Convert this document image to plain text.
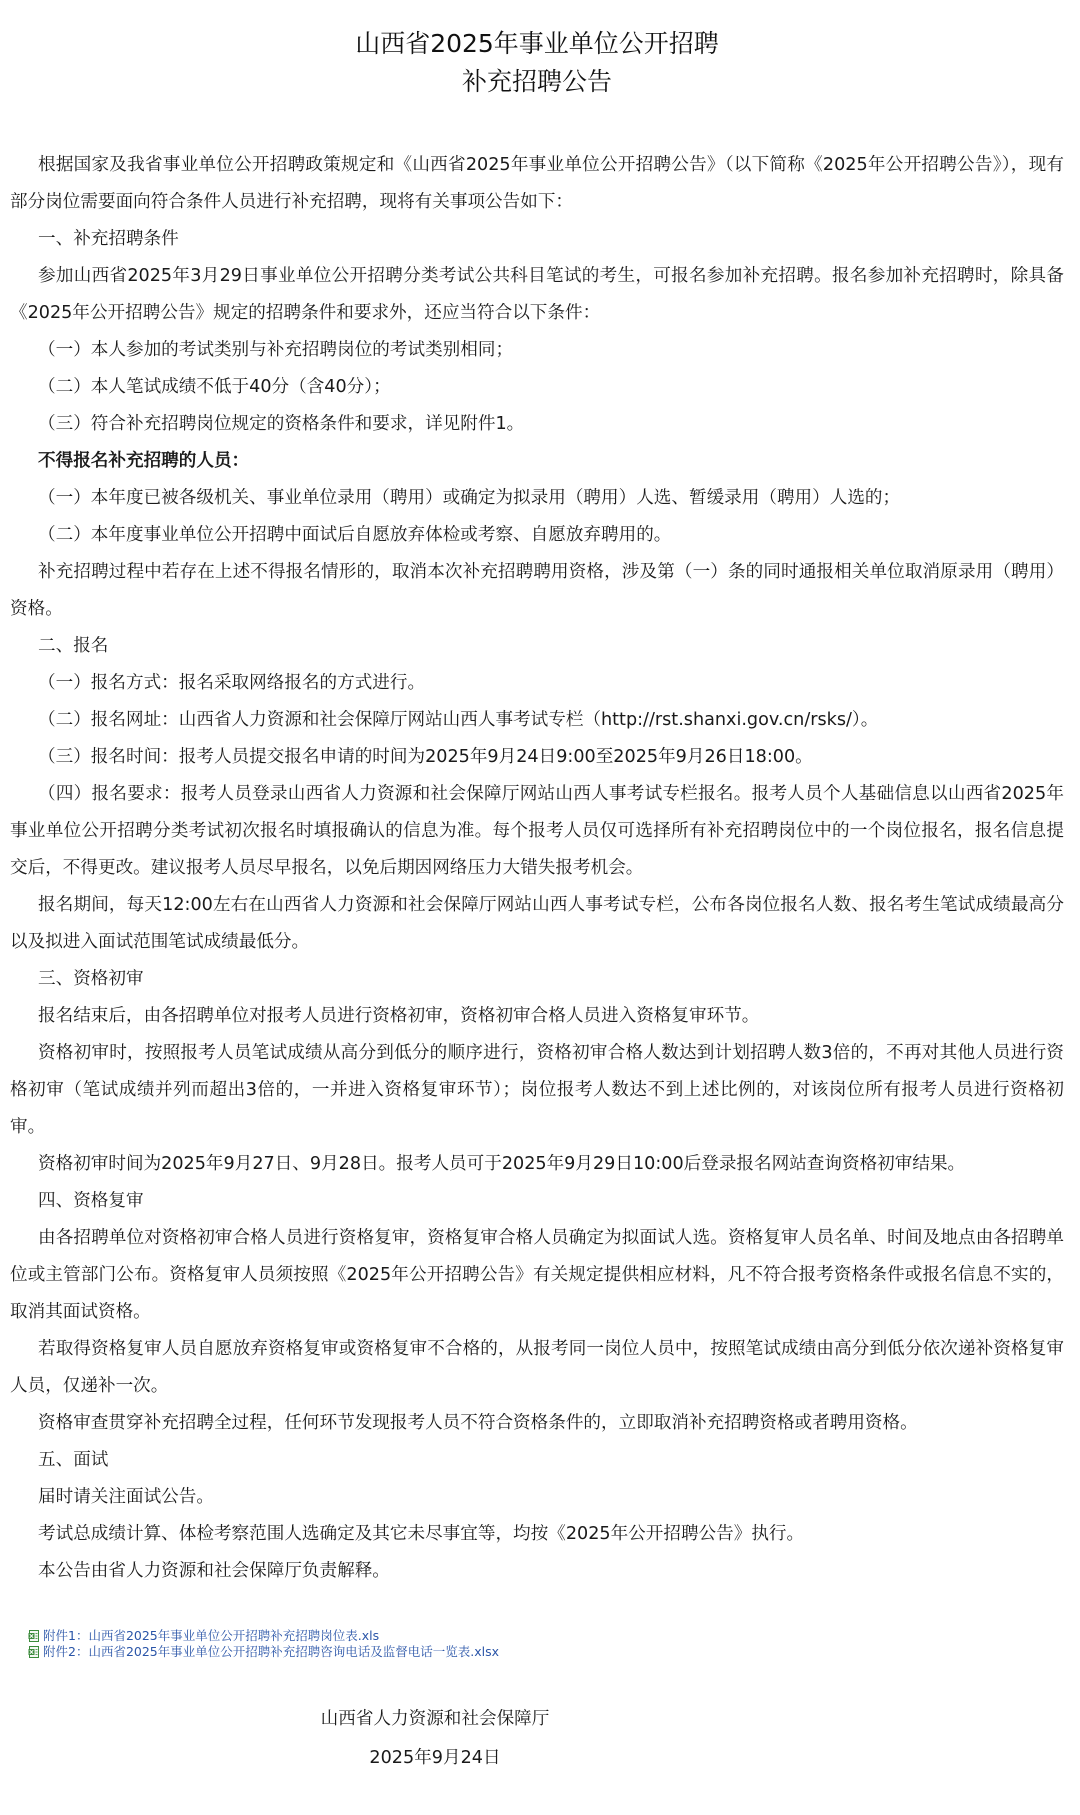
山西省2025年事业单位公开招聘
补充招聘公告

根据国家及我省事业单位公开招聘政策规定和《山西省2025年事业单位公开招聘公告》（以下简称《2025年公开招聘公告》），现有部分岗位需要面向符合条件人员进行补充招聘，现将有关事项公告如下：

一、补充招聘条件

参加山西省2025年3月29日事业单位公开招聘分类考试公共科目笔试的考生，可报名参加补充招聘。报名参加补充招聘时，除具备《2025年公开招聘公告》规定的招聘条件和要求外，还应当符合以下条件：

（一）本人参加的考试类别与补充招聘岗位的考试类别相同；

（二）本人笔试成绩不低于40分（含40分）；

（三）符合补充招聘岗位规定的资格条件和要求，详见附件1。

不得报名补充招聘的人员：

（一）本年度已被各级机关、事业单位录用（聘用）或确定为拟录用（聘用）人选、暂缓录用（聘用）人选的；

（二）本年度事业单位公开招聘中面试后自愿放弃体检或考察、自愿放弃聘用的。

补充招聘过程中若存在上述不得报名情形的，取消本次补充招聘聘用资格，涉及第（一）条的同时通报相关单位取消原录用（聘用）资格。

二、报名

（一）报名方式：报名采取网络报名的方式进行。

（二）报名网址：山西省人力资源和社会保障厅网站山西人事考试专栏（http://rst.shanxi.gov.cn/rsks/）。

（三）报名时间：报考人员提交报名申请的时间为2025年9月24日9:00至2025年9月26日18:00。

（四）报名要求：报考人员登录山西省人力资源和社会保障厅网站山西人事考试专栏报名。报考人员个人基础信息以山西省2025年事业单位公开招聘分类考试初次报名时填报确认的信息为准。每个报考人员仅可选择所有补充招聘岗位中的一个岗位报名，报名信息提交后，不得更改。建议报考人员尽早报名，以免后期因网络压力大错失报考机会。

报名期间，每天12:00左右在山西省人力资源和社会保障厅网站山西人事考试专栏，公布各岗位报名人数、报名考生笔试成绩最高分以及拟进入面试范围笔试成绩最低分。

三、资格初审

报名结束后，由各招聘单位对报考人员进行资格初审，资格初审合格人员进入资格复审环节。

资格初审时，按照报考人员笔试成绩从高分到低分的顺序进行，资格初审合格人数达到计划招聘人数3倍的，不再对其他人员进行资格初审（笔试成绩并列而超出3倍的，一并进入资格复审环节）；岗位报考人数达不到上述比例的，对该岗位所有报考人员进行资格初审。

资格初审时间为2025年9月27日、9月28日。报考人员可于2025年9月29日10:00后登录报名网站查询资格初审结果。

四、资格复审

由各招聘单位对资格初审合格人员进行资格复审，资格复审合格人员确定为拟面试人选。资格复审人员名单、时间及地点由各招聘单位或主管部门公布。资格复审人员须按照《2025年公开招聘公告》有关规定提供相应材料，凡不符合报考资格条件或报名信息不实的，取消其面试资格。

若取得资格复审人员自愿放弃资格复审或资格复审不合格的，从报考同一岗位人员中，按照笔试成绩由高分到低分依次递补资格复审人员，仅递补一次。

资格审查贯穿补充招聘全过程，任何环节发现报考人员不符合资格条件的，立即取消补充招聘资格或者聘用资格。

五、面试

届时请关注面试公告。

考试总成绩计算、体检考察范围人选确定及其它未尽事宜等，均按《2025年公开招聘公告》执行。

本公告由省人力资源和社会保障厅负责解释。

附件1： 山西省2025年事业单位公开招聘补充招聘岗位表.xls
附件2： 山西省2025年事业单位公开招聘补充招聘咨询电话及监督电话一览表.xlsx
山西省人力资源和社会保障厅
2025年9月24日
